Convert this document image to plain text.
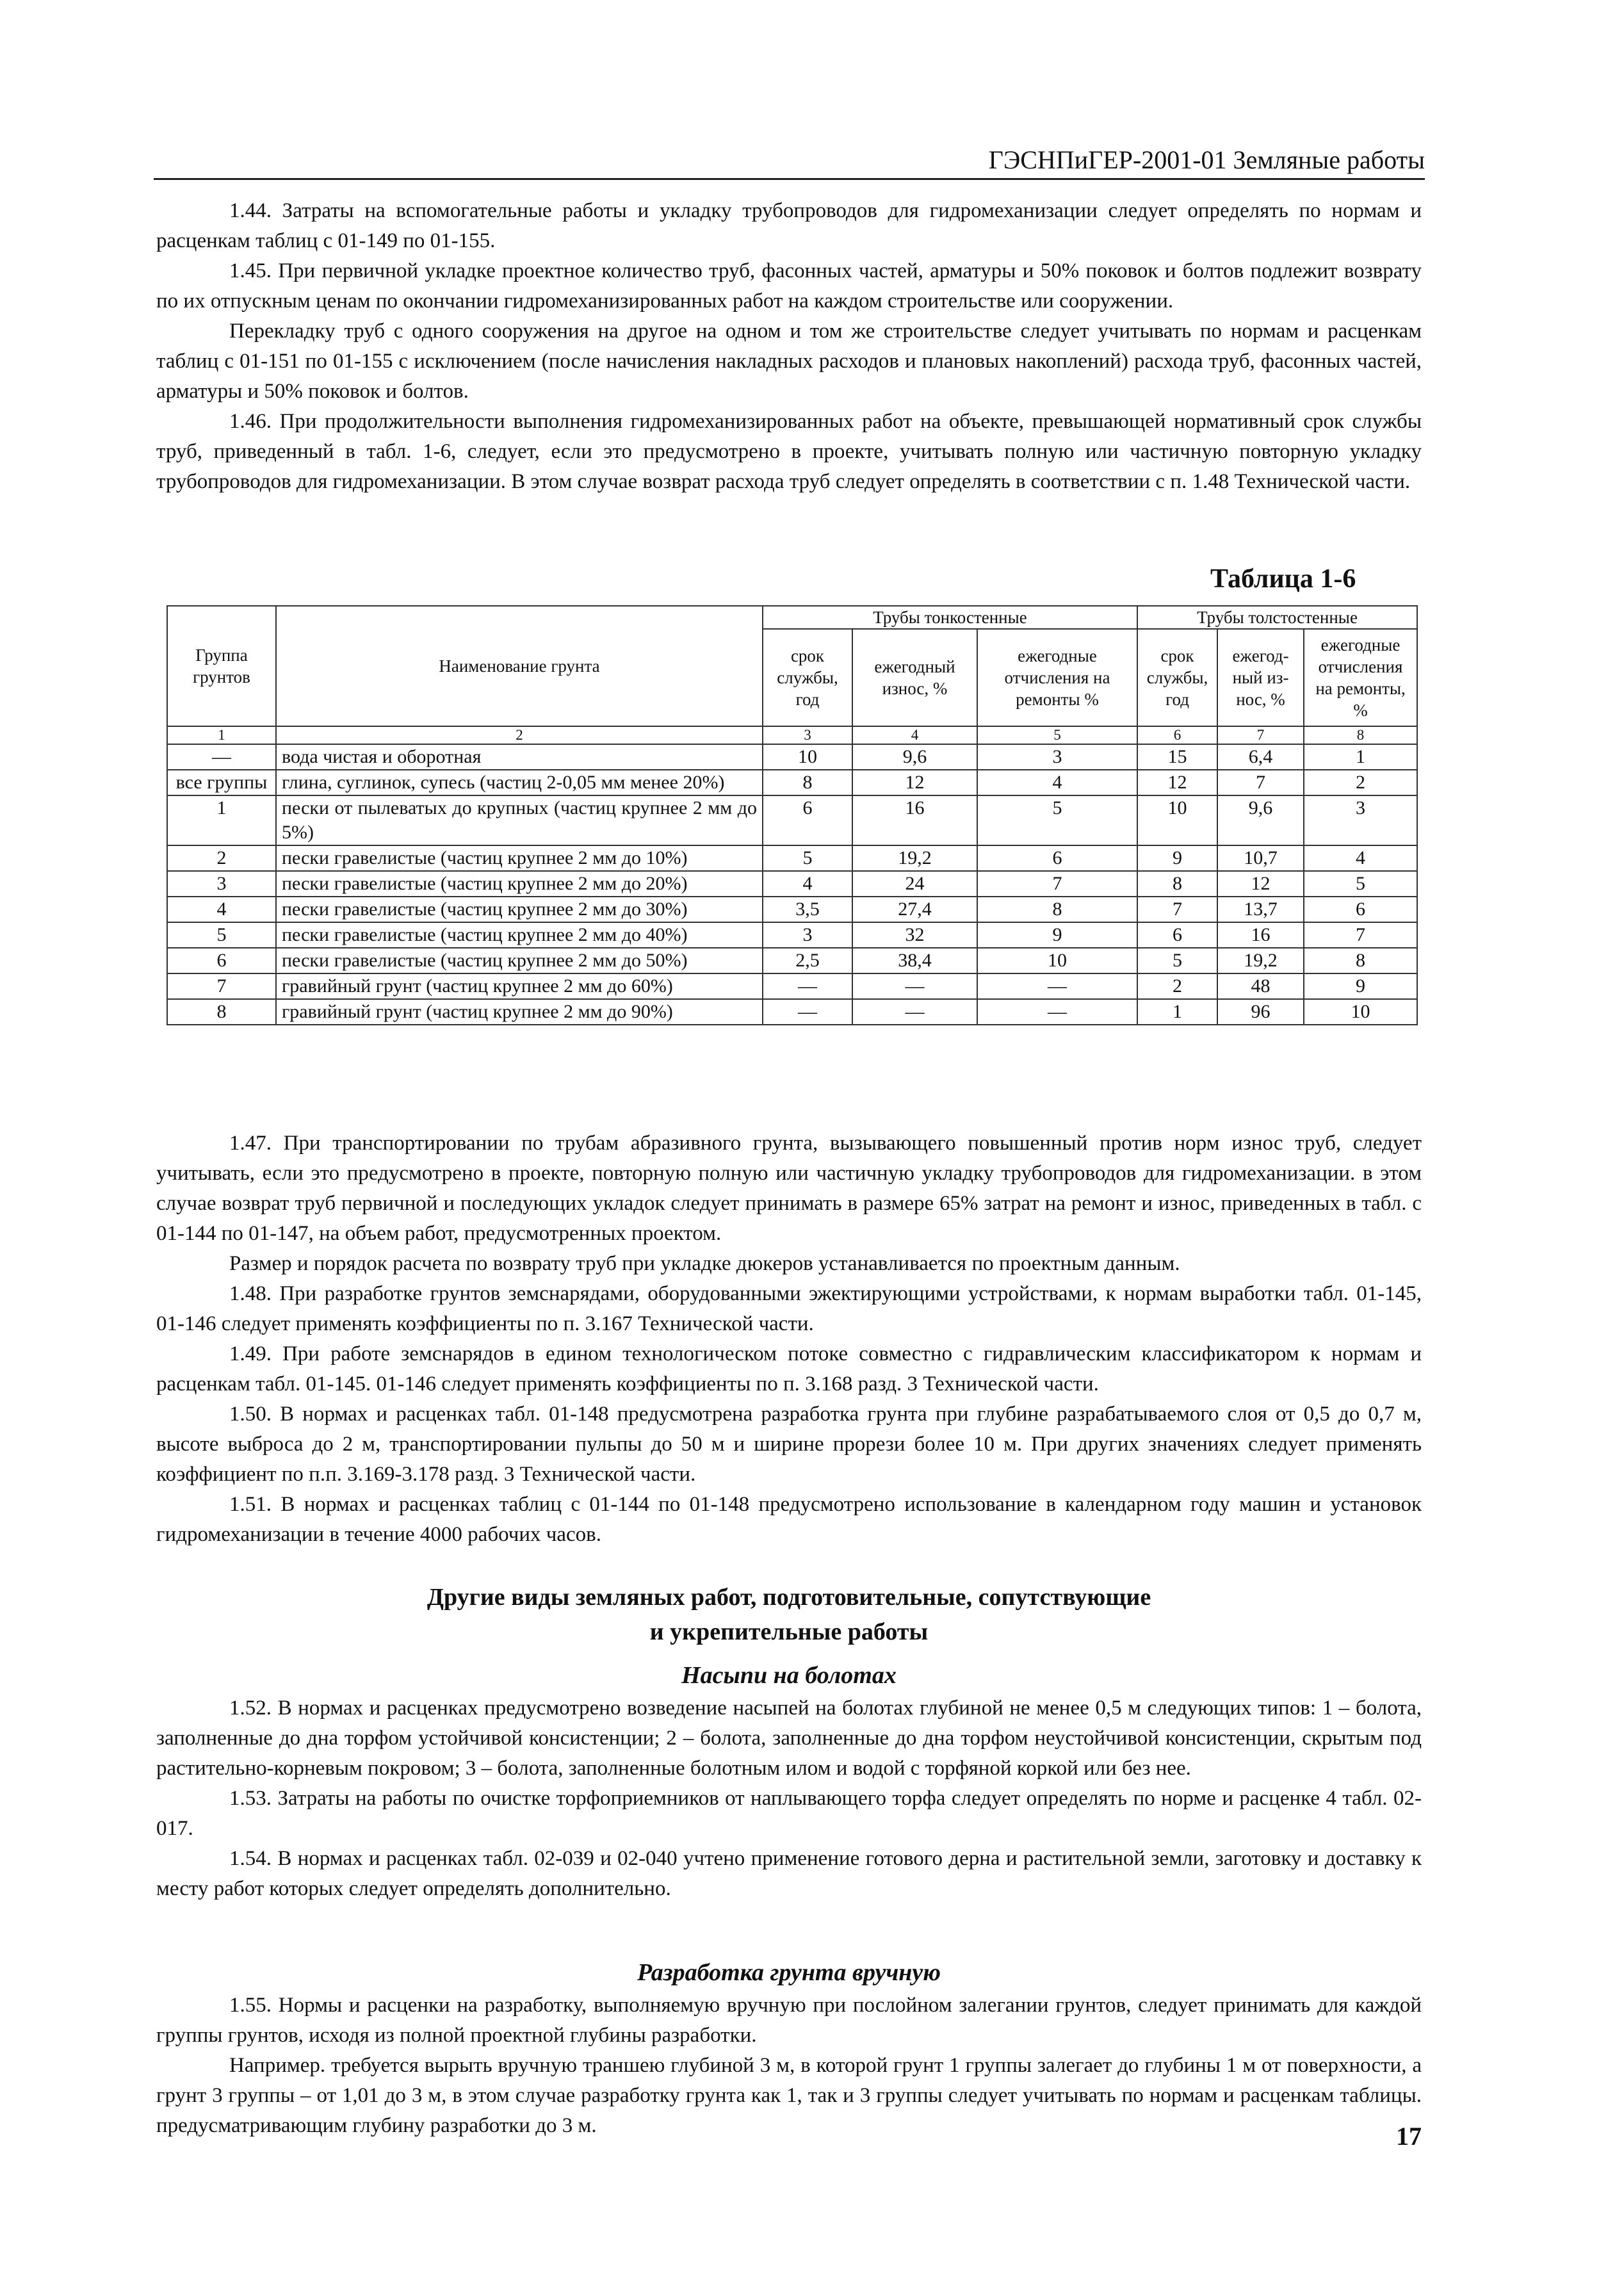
ГЭСНПиГЕР-2001-01 Земляные работы

1.44. Затраты на вспомогательные работы и укладку трубопроводов для гидромеханизации следует определять по нормам и расценкам таблиц с 01-149 по 01-155.

1.45. При первичной укладке проектное количество труб, фасонных частей, арматуры и 50% поковок и болтов подлежит возврату по их отпускным ценам по окончании гидромеханизированных работ на каждом строительстве или сооружении.

Перекладку труб с одного сооружения на другое на одном и том же строительстве следует учитывать по нормам и расценкам таблиц с 01-151 по 01-155 с исключением (после начисления накладных расходов и плановых накоплений) расхода труб, фасонных частей, арматуры и 50% поковок и болтов.

1.46. При продолжительности выполнения гидромеханизированных работ на объекте, превышающей нормативный срок службы труб, приведенный в табл. 1-6, следует, если это предусмотрено в проекте, учитывать полную или частичную повторную укладку трубопроводов для гидромеханизации. В этом случае возврат расхода труб следует определять в соответствии с п. 1.48 Технической части.

Таблица 1-6
Группа грунтов	Наименование грунта	Трубы тонкостенные			Трубы толстостенные		
		срок службы, год	ежегодный износ, %	ежегодные отчисления на ремонты %	срок службы, год	ежегод- ный из- нос, %	ежегодные отчисления на ремонты, %
1	2	3	4	5	6	7	8
—	вода чистая и оборотная	10	9,6	3	15	6,4	1
все группы	глина, суглинок, супесь (частиц 2-0,05 мм менее 20%)	8	12	4	12	7	2
1	пески от пылеватых до крупных (частиц крупнее 2 мм до 5%)	6	16	5	10	9,6	3
2	пески гравелистые (частиц крупнее 2 мм до 10%)	5	19,2	6	9	10,7	4
3	пески гравелистые (частиц крупнее 2 мм до 20%)	4	24	7	8	12	5
4	пески гравелистые (частиц крупнее 2 мм до 30%)	3,5	27,4	8	7	13,7	6
5	пески гравелистые (частиц крупнее 2 мм до 40%)	3	32	9	6	16	7
6	пески гравелистые (частиц крупнее 2 мм до 50%)	2,5	38,4	10	5	19,2	8
7	гравийный грунт (частиц крупнее 2 мм до 60%)	—	—	—	2	48	9
8	гравийный грунт (частиц крупнее 2 мм до 90%)	—	—	—	1	96	10

1.47. При транспортировании по трубам абразивного грунта, вызывающего повышенный против норм износ труб, следует учитывать, если это предусмотрено в проекте, повторную полную или частичную укладку трубопроводов для гидромеханизации. в этом случае возврат труб первичной и последующих укладок следует принимать в размере 65% затрат на ремонт и износ, приведенных в табл. с 01-144 по 01-147, на объем работ, предусмотренных проектом.

Размер и порядок расчета по возврату труб при укладке дюкеров устанавливается по проектным данным.

1.48. При разработке грунтов земснарядами, оборудованными эжектирующими устройствами, к нормам выработки табл. 01-145, 01-146 следует применять коэффициенты по п. 3.167 Технической части.

1.49. При работе земснарядов в едином технологическом потоке совместно с гидравлическим классификатором к нормам и расценкам табл. 01-145. 01-146 следует применять коэффициенты по п. 3.168 разд. 3 Технической части.

1.50. В нормах и расценках табл. 01-148 предусмотрена разработка грунта при глубине разрабатываемого слоя от 0,5 до 0,7 м, высоте выброса до 2 м, транспортировании пульпы до 50 м и ширине прорези более 10 м. При других значениях следует применять коэффициент по п.п. 3.169-3.178 разд. 3 Технической части.

1.51. В нормах и расценках таблиц с 01-144 по 01-148 предусмотрено использование в календарном году машин и установок гидромеханизации в течение 4000 рабочих часов.

Другие виды земляных работ, подготовительные, сопутствующие
и укрепительные работы
Насыпи на болотах

1.52. В нормах и расценках предусмотрено возведение насыпей на болотах глубиной не менее 0,5 м следующих типов: 1 – болота, заполненные до дна торфом устойчивой консистенции; 2 – болота, заполненные до дна торфом неустойчивой консистенции, скрытым под растительно-корневым покровом; 3 – болота, заполненные болотным илом и водой с торфяной коркой или без нее.

1.53. Затраты на работы по очистке торфоприемников от наплывающего торфа следует определять по норме и расценке 4 табл. 02-017.

1.54. В нормах и расценках табл. 02-039 и 02-040 учтено применение готового дерна и растительной земли, заготовку и доставку к месту работ которых следует определять дополнительно.

Разработка грунта вручную

1.55. Нормы и расценки на разработку, выполняемую вручную при послойном залегании грунтов, следует принимать для каждой группы грунтов, исходя из полной проектной глубины разработки.

Например. требуется вырыть вручную траншею глубиной 3 м, в которой грунт 1 группы залегает до глубины 1 м от поверхности, а грунт 3 группы – от 1,01 до 3 м, в этом случае разработку грунта как 1, так и 3 группы следует учитывать по нормам и расценкам таблицы. предусматривающим глубину разработки до 3 м.	17
